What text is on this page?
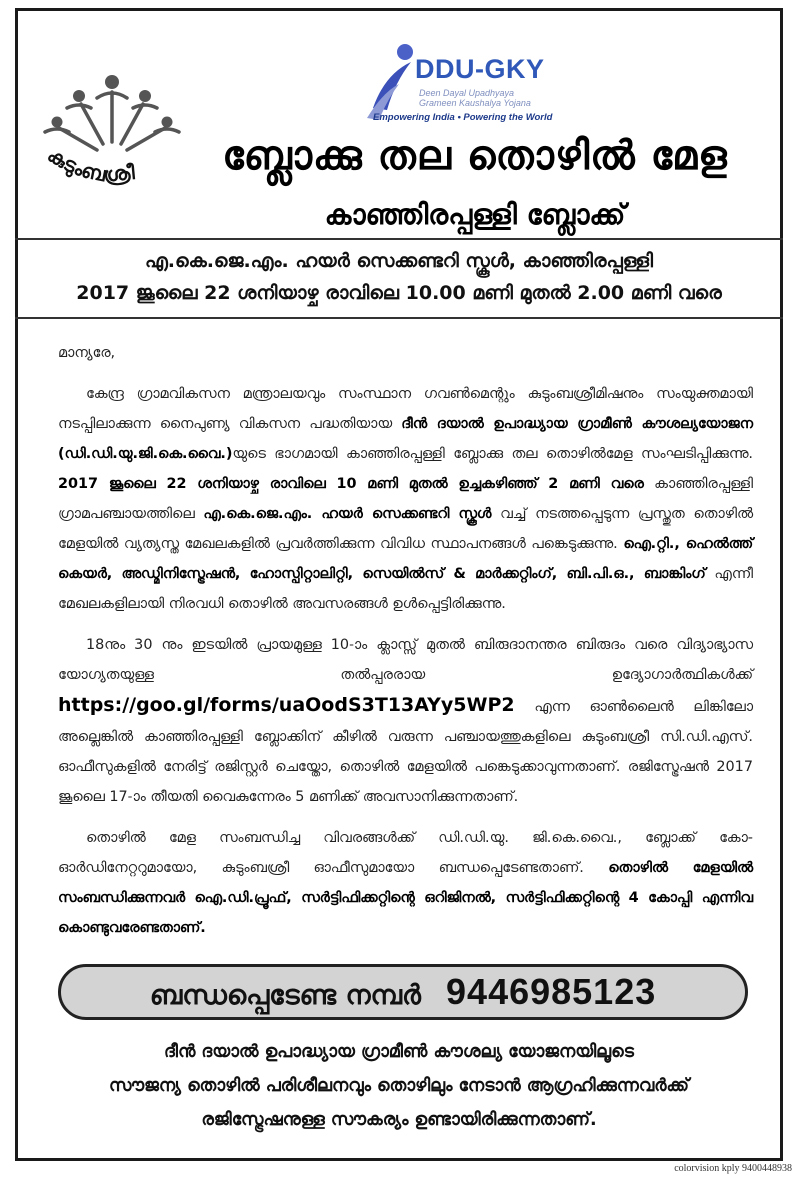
കുടുംബശ്രീ
DDU-GKY
Deen Dayal Upadhyaya
Grameen Kaushalya Yojana
Empowering India • Powering the World
ബ്ലോക്കു തല തൊഴിൽ മേള
കാഞ്ഞിരപ്പള്ളി ബ്ലോക്ക്
എ.കെ.ജെ.എം. ഹയർ സെക്കണ്ടറി സ്കൂൾ, കാഞ്ഞിരപ്പള്ളി
2017 ജൂലൈ 22 ശനിയാഴ്ച രാവിലെ 10.00 മണി മുതൽ 2.00 മണി വരെ

മാന്യരേ,

കേന്ദ്ര ഗ്രാമവികസന മന്ത്രാലയവും സംസ്ഥാന ഗവൺമെന്റും കുടുംബശ്രീമിഷനും സംയുക്തമായി നടപ്പിലാക്കുന്ന നൈപുണ്യ വികസന പദ്ധതിയായ ദീൻ ദയാൽ ഉപാദ്ധ്യായ ഗ്രാമീൺ കൗശല്യയോജന (ഡി.ഡി.യു.ജി.കെ.വൈ.)യുടെ ഭാഗമായി കാഞ്ഞിരപ്പള്ളി ബ്ലോക്കു തല തൊഴിൽമേള സംഘടിപ്പിക്കുന്നു. 2017 ജൂലൈ 22 ശനിയാഴ്ച രാവിലെ 10 മണി മുതൽ ഉച്ചകഴിഞ്ഞ് 2 മണി വരെ കാഞ്ഞിരപ്പള്ളി ഗ്രാമപഞ്ചായത്തിലെ എ.കെ.ജെ.എം. ഹയർ സെക്കണ്ടറി സ്കൂൾ വച്ച് നടത്തപ്പെടുന്ന പ്രസ്തുത തൊഴിൽ മേളയിൽ വ്യത്യസ്ത മേഖലകളിൽ പ്രവർത്തിക്കുന്ന വിവിധ സ്ഥാപനങ്ങൾ പങ്കെടുക്കുന്നു. ഐ.റ്റി., ഹെൽത്ത് കെയർ, അഡ്മിനിസ്ട്രേഷൻ, ഹോസ്പിറ്റാലിറ്റി, സെയിൽസ് & മാർക്കറ്റിംഗ്, ബി.പി.ഒ., ബാങ്കിംഗ് എന്നീ മേഖലകളിലായി നിരവധി തൊഴിൽ അവസരങ്ങൾ ഉൾപ്പെട്ടിരിക്കുന്നു.

18നും 30 നും ഇടയിൽ പ്രായമുള്ള 10-ാം ക്ലാസ്സ് മുതൽ ബിരുദാനന്തര ബിരുദം വരെ വിദ്യാഭ്യാസ യോഗ്യതയുള്ള തൽപ്പരരായ ഉദ്യോഗാർത്ഥികൾക്ക് https://goo.gl/forms/uaOodS3T13AYy5WP2 എന്ന ഓൺലൈൻ ലിങ്കിലോ അല്ലെങ്കിൽ കാഞ്ഞിരപ്പള്ളി ബ്ലോക്കിന് കീഴിൽ വരുന്ന പഞ്ചായത്തുകളിലെ കുടുംബശ്രീ സി.ഡി.എസ്. ഓഫീസുകളിൽ നേരിട്ട് രജിസ്റ്റർ ചെയ്തോ, തൊഴിൽ മേളയിൽ പങ്കെടുക്കാവുന്നതാണ്. രജിസ്ട്രേഷൻ 2017 ജൂലൈ 17-ാം തീയതി വൈകുന്നേരം 5 മണിക്ക് അവസാനിക്കുന്നതാണ്.

തൊഴിൽ മേള സംബന്ധിച്ച വിവരങ്ങൾക്ക് ഡി.ഡി.യു. ജി.കെ.വൈ., ബ്ലോക്ക് കോ-ഓർഡിനേറ്ററുമായോ, കുടുംബശ്രീ ഓഫീസുമായോ ബന്ധപ്പെടേണ്ടതാണ്. തൊഴിൽ മേളയിൽ സംബന്ധിക്കുന്നവർ ഐ.ഡി.പ്രൂഫ്, സർട്ടിഫിക്കറ്റിന്റെ ഒറിജിനൽ, സർട്ടിഫിക്കറ്റിന്റെ 4 കോപ്പി എന്നിവ കൊണ്ടുവരേണ്ടതാണ്.

ബന്ധപ്പെടേണ്ട നമ്പർ 9446985123
ദീൻ ദയാൽ ഉപാദ്ധ്യായ ഗ്രാമീൺ കൗശല്യ യോജനയിലൂടെ
സൗജന്യ തൊഴിൽ പരിശീലനവും തൊഴിലും നേടാൻ ആഗ്രഹിക്കുന്നവർക്ക്
രജിസ്ട്രേഷനുള്ള സൗകര്യം ഉണ്ടായിരിക്കുന്നതാണ്.
colorvision kply 9400448938
